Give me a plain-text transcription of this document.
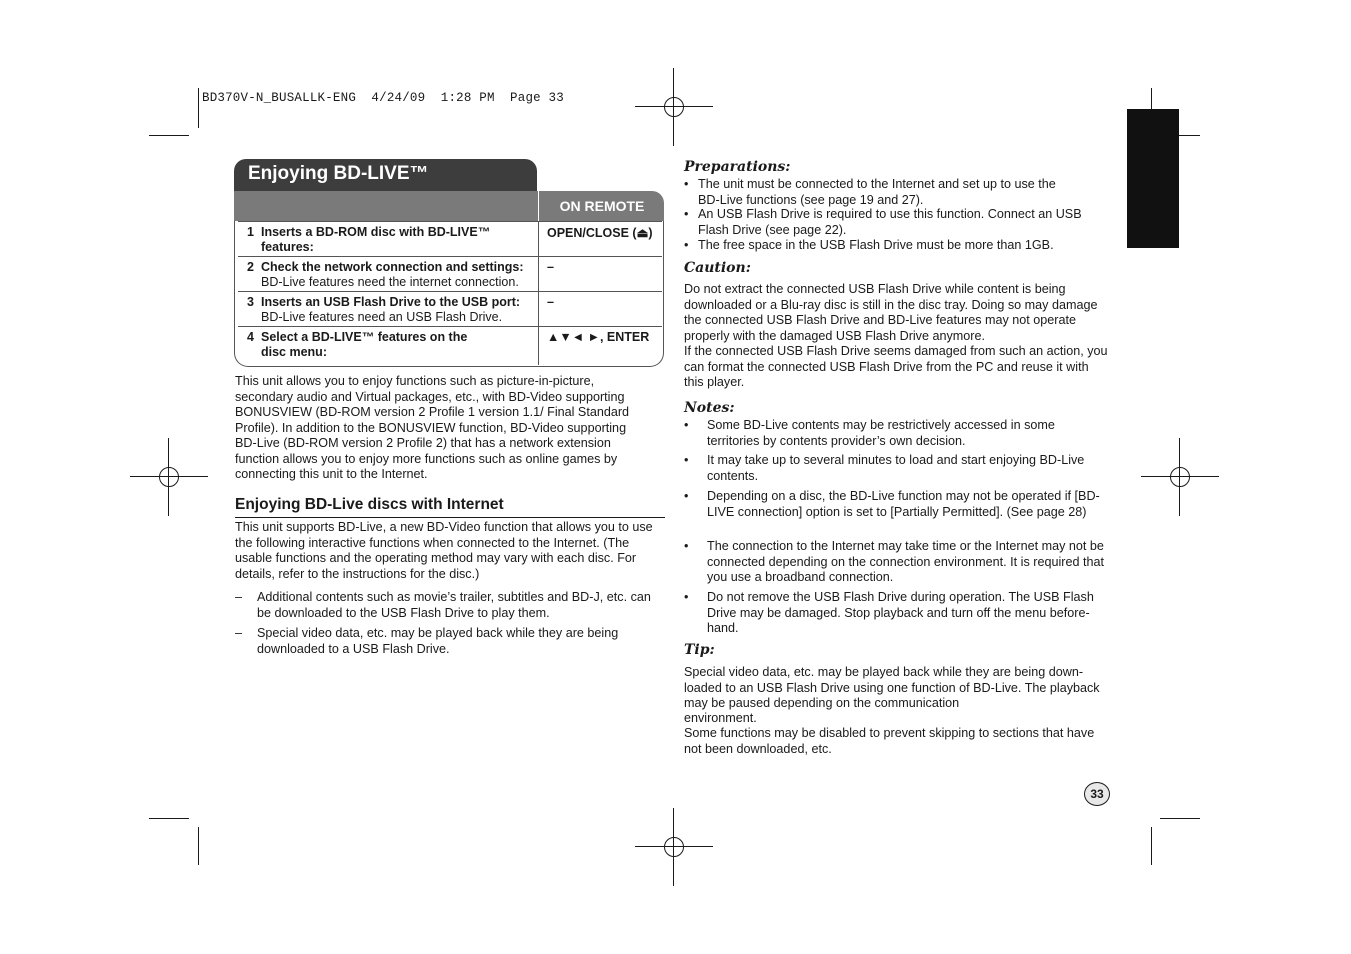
BD370V-N_BUSALLK-ENG  4/24/09  1:28 PM  Page 33
Enjoying BD-LIVE™
ON REMOTE
1 Inserts a BD-ROM disc with BD-LIVE™ features:
OPEN/CLOSE (⏏)
2 Check the network connection and settings:
BD-Live features need the internet connection.
–
3 Inserts an USB Flash Drive to the USB port:
BD-Live features need an USB Flash Drive.
–
4 Select a BD-LIVE™ features on the disc menu:
▲▼◄ ►, ENTER
This unit allows you to enjoy functions such as picture-in-picture, secondary audio and Virtual packages, etc., with BD-Video supporting BONUSVIEW (BD-ROM version 2 Profile 1 version 1.1/ Final Standard Profile). In addition to the BONUSVIEW function, BD-Video supporting BD-Live (BD-ROM version 2 Profile 2) that has a network extension function allows you to enjoy more functions such as online games by connecting this unit to the Internet.
Enjoying BD-Live discs with Internet
This unit supports BD-Live, a new BD-Video function that allows you to use the following interactive functions when connected to the Internet. (The usable functions and the operating method may vary with each disc. For details, refer to the instructions for the disc.)
– Additional contents such as movie’s trailer, subtitles and BD-J, etc. can be downloaded to the USB Flash Drive to play them.
– Special video data, etc. may be played back while they are being downloaded to a USB Flash Drive.
Preparations:
• The unit must be connected to the Internet and set up to use the BD-Live functions (see page 19 and 27).
• An USB Flash Drive is required to use this function. Connect an USB Flash Drive (see page 22).
• The free space in the USB Flash Drive must be more than 1GB.
Caution:
Do not extract the connected USB Flash Drive while content is being downloaded or a Blu-ray disc is still in the disc tray. Doing so may damage the connected USB Flash Drive and BD-Live features may not operate properly with the damaged USB Flash Drive anymore.
If the connected USB Flash Drive seems damaged from such an action, you can format the connected USB Flash Drive from the PC and reuse it with this player.
Notes:
• Some BD-Live contents may be restrictively accessed in some territories by contents provider’s own decision.
• It may take up to several minutes to load and start enjoying BD-Live contents.
• Depending on a disc, the BD-Live function may not be operated if [BD-LIVE connection] option is set to [Partially Permitted]. (See page 28)
• The connection to the Internet may take time or the Internet may not be connected depending on the connection environment. It is required that you use a broadband connection.
• Do not remove the USB Flash Drive during operation. The USB Flash Drive may be damaged. Stop playback and turn off the menu before-hand.
Tip:
Special video data, etc. may be played back while they are being down-loaded to an USB Flash Drive using one function of BD-Live. The playback may be paused depending on the communication
environment.
Some functions may be disabled to prevent skipping to sections that have not been downloaded, etc.
33
